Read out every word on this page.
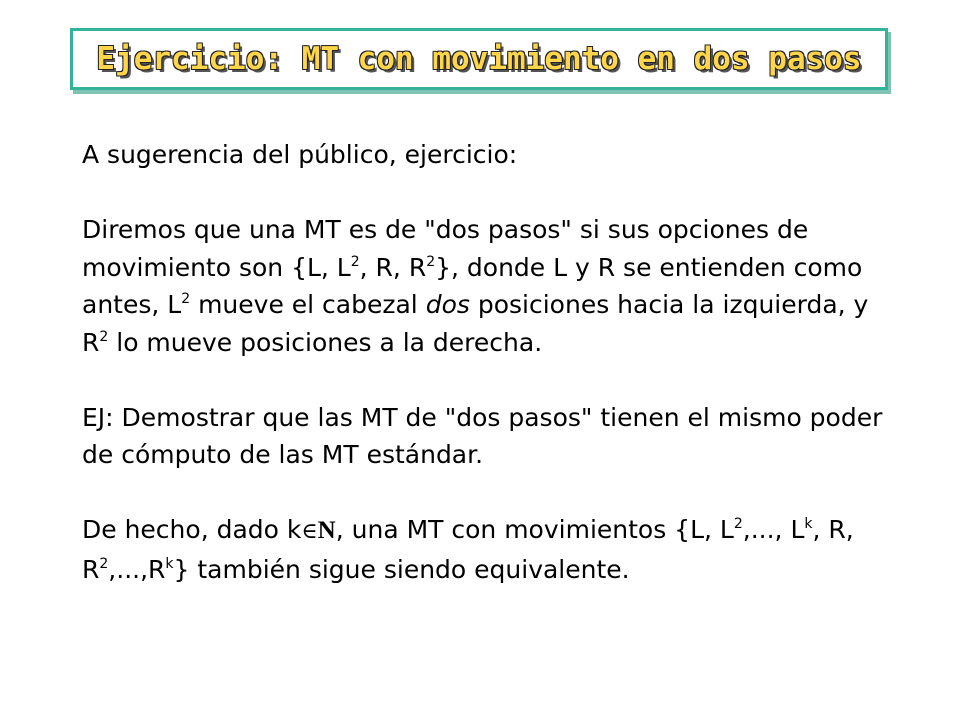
Ejercicio: MT con movimiento en dos pasos

A sugerencia del público, ejercicio:

Diremos que una MT es de "dos pasos" si sus opciones de movimiento son {L, $L^2$, R, $R^2$}, donde L y R se entienden como antes, $L^2$ mueve el cabezal dos posiciones hacia la izquierda, y $R^2$ lo mueve posiciones a la derecha.

EJ: Demostrar que las MT de "dos pasos" tienen el mismo poder de cómputo de las MT estándar.

De hecho, dado k∈N, una MT con movimientos {L, $L^2$,..., $L^k$, R, $R^2,...,R^k$} también sigue siendo equivalente.
